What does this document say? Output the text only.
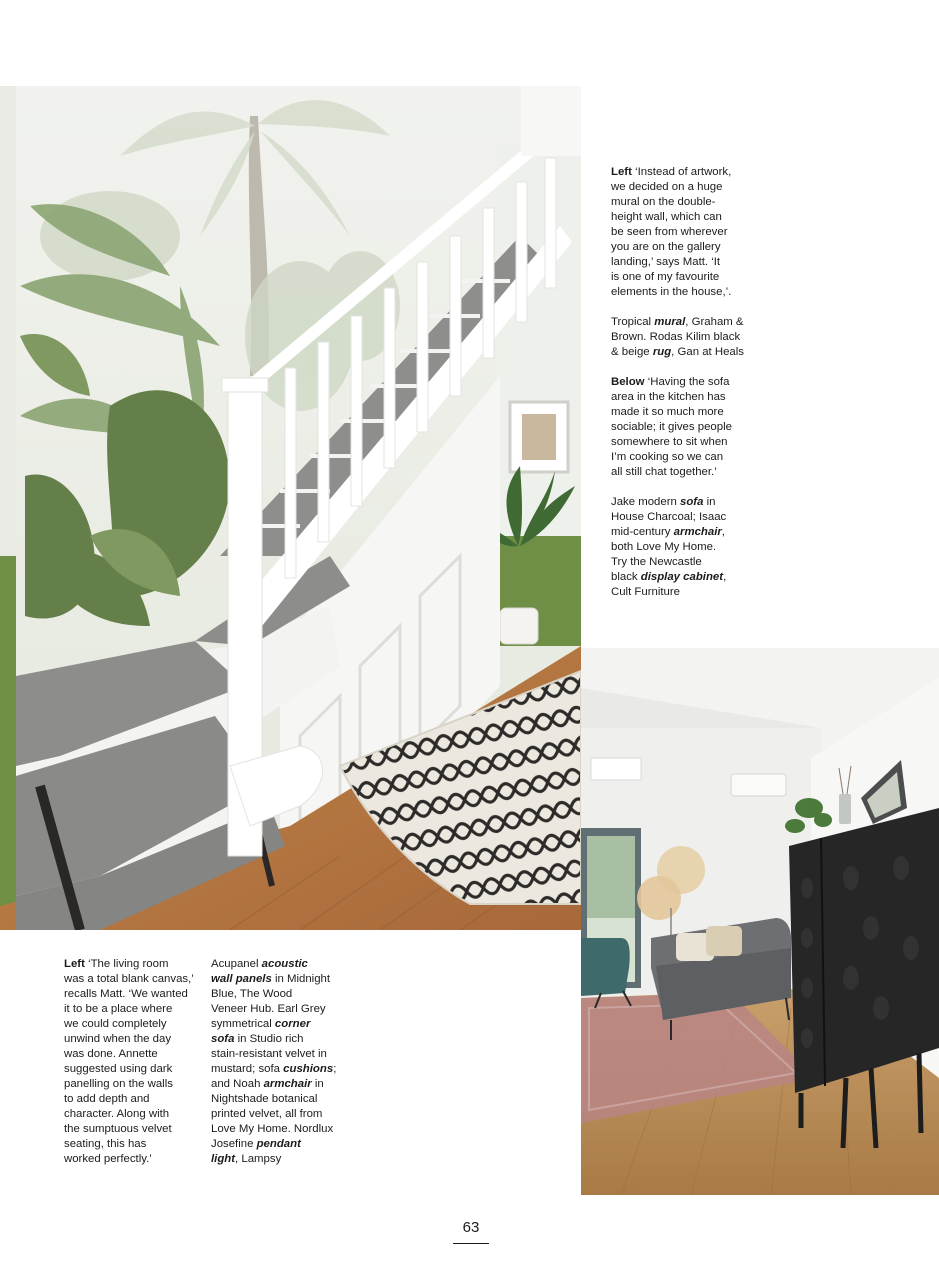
Left ‘Instead of artwork,
we decided on a huge
mural on the double-
height wall, which can
be seen from wherever
you are on the gallery
landing,’ says Matt. ‘It
is one of my favourite
elements in the house,’.

Tropical mural, Graham &
Brown. Rodas Kilim black
& beige rug, Gan at Heals

Below ‘Having the sofa
area in the kitchen has
made it so much more
sociable; it gives people
somewhere to sit when
I’m cooking so we can
all still chat together.’

Jake modern sofa in
House Charcoal; Isaac
mid-century armchair,
both Love My Home.
Try the Newcastle
black display cabinet,
Cult Furniture

Left ‘The living room
was a total blank canvas,’
recalls Matt. ‘We wanted
it to be a place where
we could completely
unwind when the day
was done. Annette
suggested using dark
panelling on the walls
to add depth and
character. Along with
the sumptuous velvet
seating, this has
worked perfectly.’

Acupanel acoustic
wall panels in Midnight
Blue, The Wood
Veneer Hub. Earl Grey
symmetrical corner
sofa in Studio rich
stain-resistant velvet in
mustard; sofa cushions;
and Noah armchair in
Nightshade botanical
printed velvet, all from
Love My Home. Nordlux
Josefine pendant
light, Lampsy

63
